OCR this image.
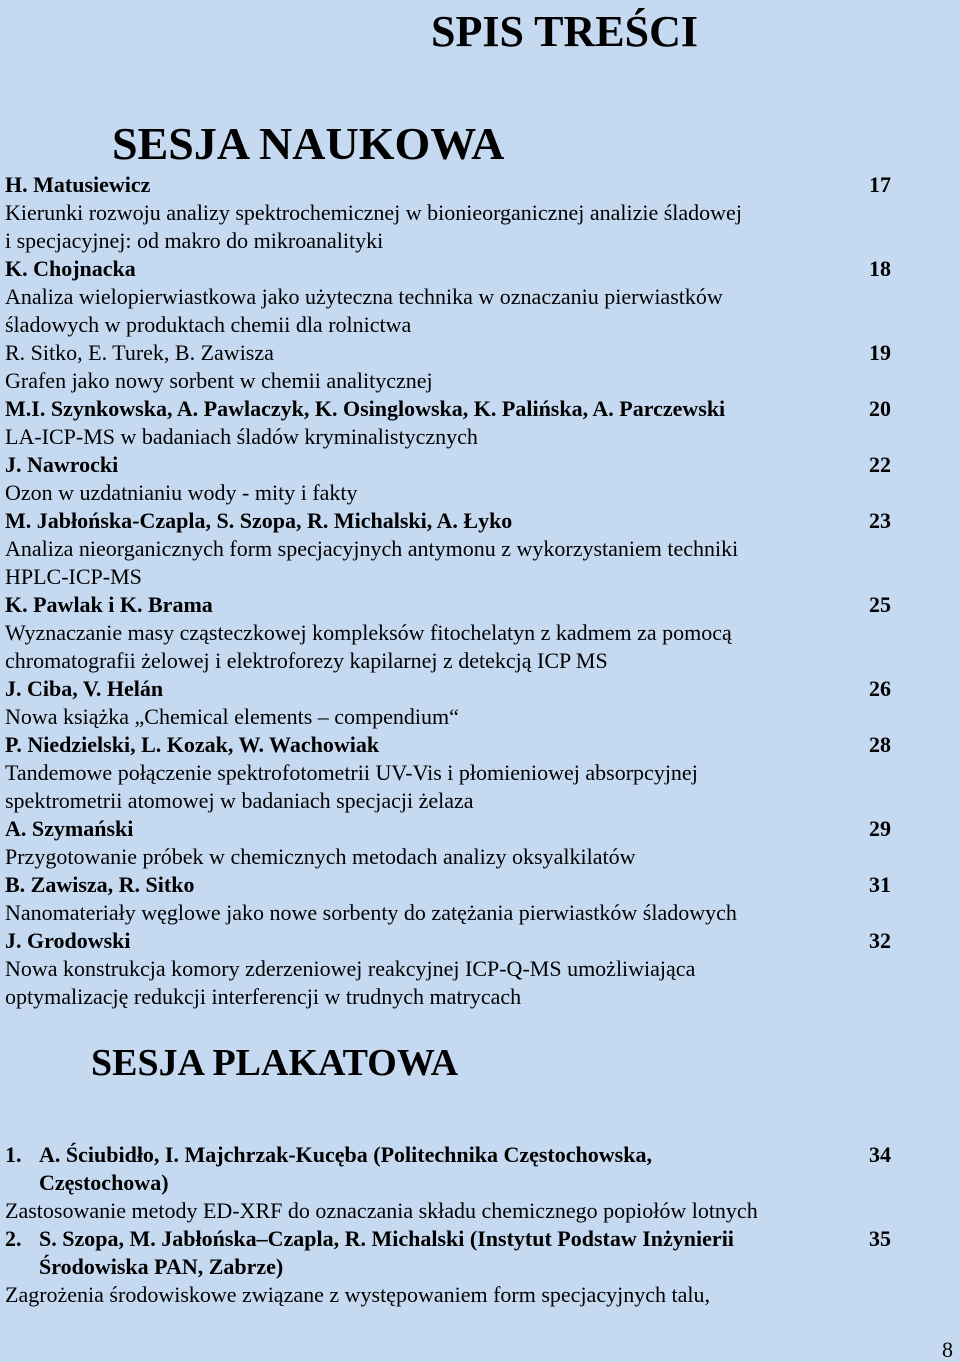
SPIS TREŚCI
SESJA NAUKOWA
H. Matusiewicz	17
Kierunki rozwoju analizy spektrochemicznej w bionieorganicznej analizie śladowej
i specjacyjnej: od makro do mikroanalityki
K. Chojnacka	18
Analiza wielopierwiastkowa jako użyteczna technika w oznaczaniu pierwiastków
śladowych w produktach chemii dla rolnictwa
R. Sitko, E. Turek, B. Zawisza	19
Grafen jako nowy sorbent w chemii analitycznej
M.I. Szynkowska, A. Pawlaczyk, K. Osinglowska, K. Palińska, A. Parczewski	20
LA-ICP-MS w badaniach śladów kryminalistycznych
J. Nawrocki	22
Ozon w uzdatnianiu wody - mity i fakty
M. Jabłońska-Czapla, S. Szopa, R. Michalski, A. Łyko	23
Analiza nieorganicznych form specjacyjnych antymonu z wykorzystaniem techniki
HPLC-ICP-MS
K. Pawlak i K. Brama	25
Wyznaczanie masy cząsteczkowej kompleksów fitochelatyn z kadmem za pomocą
chromatografii żelowej i elektroforezy kapilarnej z detekcją ICP MS
J. Ciba, V. Helán	26
Nowa książka „Chemical elements – compendium“
P. Niedzielski, L. Kozak, W. Wachowiak	28
Tandemowe połączenie spektrofotometrii UV-Vis i płomieniowej absorpcyjnej
spektrometrii atomowej w badaniach specjacji żelaza
A. Szymański	29
Przygotowanie próbek w chemicznych metodach analizy oksyalkilatów
B. Zawisza, R. Sitko	31
Nanomateriały węglowe jako nowe sorbenty do zatężania pierwiastków śladowych
J. Grodowski	32
Nowa konstrukcja komory zderzeniowej reakcyjnej ICP-Q-MS umożliwiająca
optymalizację redukcji interferencji w trudnych matrycach
SESJA PLAKATOWA
1. A. Ściubidło, I. Majchrzak-Kucęba (Politechnika Częstochowska,	34
Częstochowa)
Zastosowanie metody ED-XRF do oznaczania składu chemicznego popiołów lotnych
2. S. Szopa, M. Jabłońska–Czapla, R. Michalski (Instytut Podstaw Inżynierii	35
Środowiska PAN, Zabrze)
Zagrożenia środowiskowe związane z występowaniem form specjacyjnych talu,
8
